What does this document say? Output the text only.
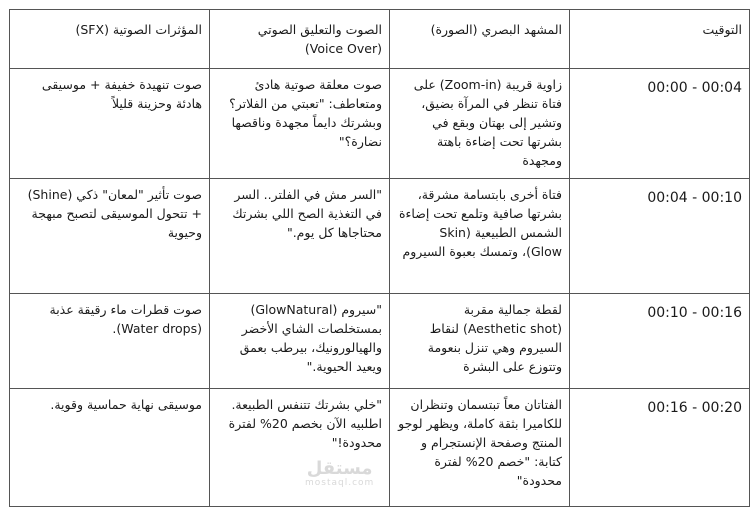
التوقيت	المشهد البصري (الصورة)	الصوت والتعليق الصوتي (Voice Over)	المؤثرات الصوتية (SFX)
00:00 - 00:04	زاوية قريبة (Zoom-in) على فتاة تنظر في المرآة بضيق، وتشير إلى بهتان وبقع في بشرتها تحت إضاءة باهتة ومجهدة	صوت معلقة صوتية هادئ ومتعاطف: "تعبتي من الفلاتر؟ وبشرتك دايماً مجهدة وناقصها نضارة؟"	صوت تنهيدة خفيفة + موسيقى هادئة وحزينة قليلاً
00:04 - 00:10	فتاة أخرى بابتسامة مشرقة، بشرتها صافية وتلمع تحت إضاءة الشمس الطبيعية (Skin Glow)، وتمسك بعبوة السيروم	"السر مش في الفلتر.. السر في التغذية الصح اللي بشرتك محتاجاها كل يوم."	صوت تأثير "لمعان" ذكي (Shine) + تتحول الموسيقى لتصبح مبهجة وحيوية
00:10 - 00:16	لقطة جمالية مقربة (Aesthetic shot) لنقاط السيروم وهي تنزل بنعومة وتتوزع على البشرة	"سيروم (GlowNatural) بمستخلصات الشاي الأخضر والهيالورونيك، بيرطب بعمق ويعيد الحيوية."	صوت قطرات ماء رقيقة عذبة (Water drops).
00:16 - 00:20	الفتاتان معاً تبتسمان وتنظران للكاميرا بثقة كاملة، ويظهر لوجو المنتج وصفحة الإنستجرام و كتابة: "خصم 20% لفترة محدودة"	"خلي بشرتك تتنفس الطبيعة. اطلبيه الآن بخصم 20% لفترة محدودة!"	موسيقى نهاية حماسية وقوية.
مستقل
mostaql.com
